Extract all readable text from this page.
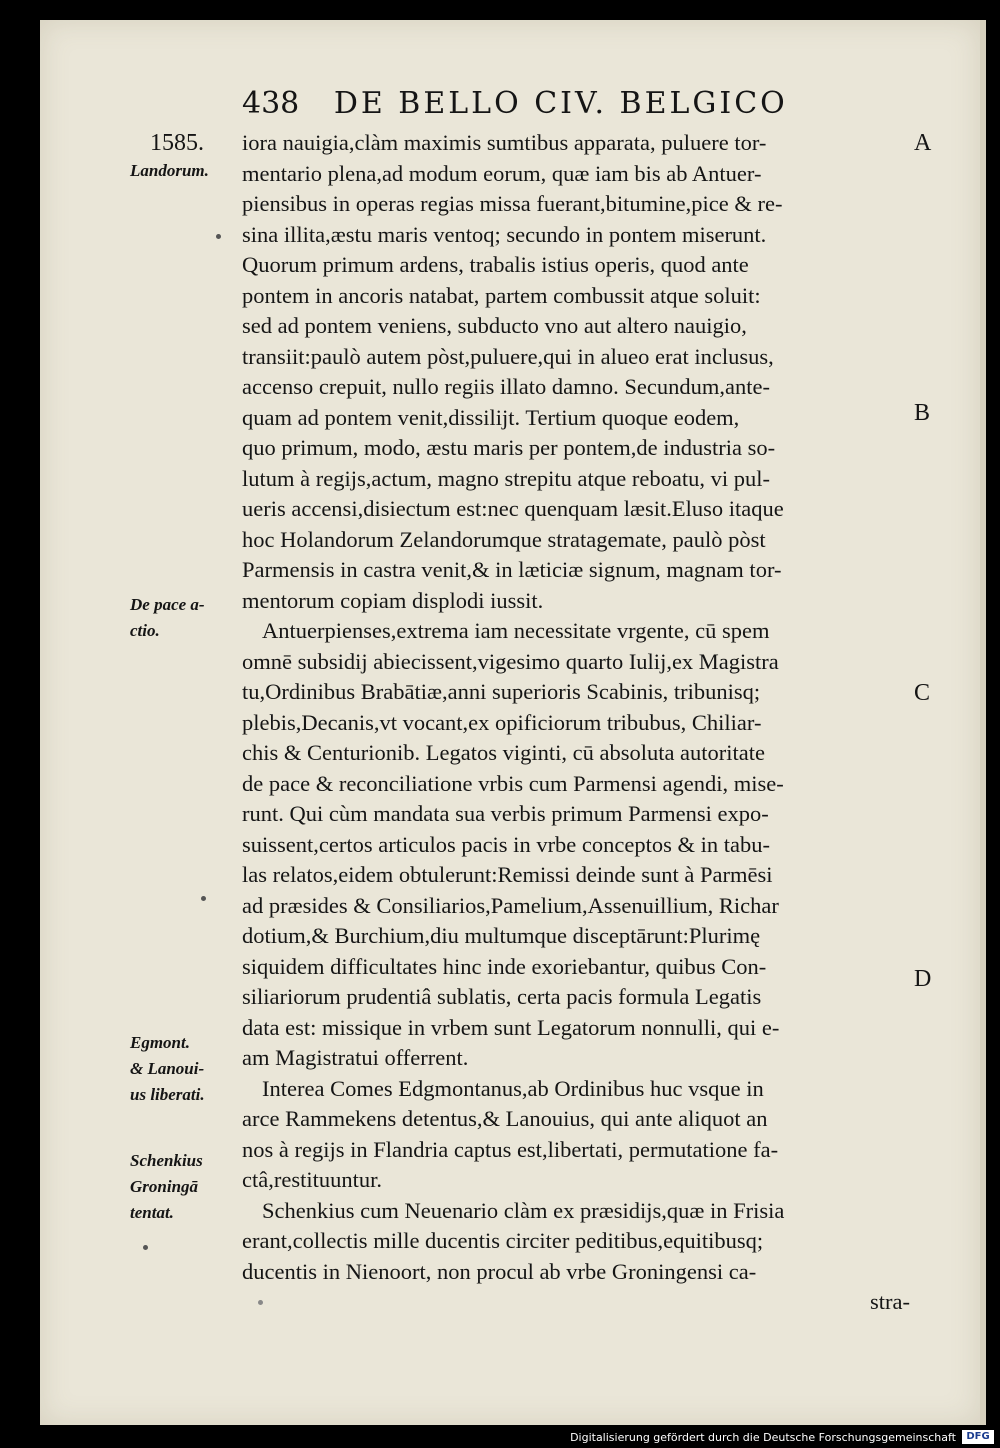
438 DE BELLO CIV. BELGICO
1585.
Landorum.
De pace a-
ctio.
Egmont.
& Lanoui-
us liberati.
Schenkius
Groningā
tentat.
A
B
C
D
iora nauigia,clàm maximis sumtibus apparata, puluere tor-
mentario plena,ad modum eorum, quæ iam bis ab Antuer-
piensibus in operas regias missa fuerant,bitumine,pice & re-
sina illita,æstu maris ventoq; secundo in pontem miserunt.
Quorum primum ardens, trabalis istius operis, quod ante
pontem in ancoris natabat, partem combussit atque soluit:
sed ad pontem veniens, subducto vno aut altero nauigio,
transiit:paulò autem pòst,puluere,qui in alueo erat inclusus,
accenso crepuit, nullo regiis illato damno. Secundum,ante-
quam ad pontem venit,dissilijt. Tertium quoque eodem,
quo primum, modo, æstu maris per pontem,de industria so-
lutum à regijs,actum, magno strepitu atque reboatu, vi pul-
ueris accensi,disiectum est:nec quenquam læsit.Eluso itaque
hoc Holandorum Zelandorumque stratagemate, paulò pòst
Parmensis in castra venit,& in læticiæ signum, magnam tor-
mentorum copiam displodi iussit.
Antuerpienses,extrema iam necessitate vrgente, cū spem
omnē subsidij abiecissent,vigesimo quarto Iulij,ex Magistra
tu,Ordinibus Brabātiæ,anni superioris Scabinis, tribunisq;
plebis,Decanis,vt vocant,ex opificiorum tribubus, Chiliar-
chis & Centurionib. Legatos viginti, cū absoluta autoritate
de pace & reconciliatione vrbis cum Parmensi agendi, mise-
runt. Qui cùm mandata sua verbis primum Parmensi expo-
suissent,certos articulos pacis in vrbe conceptos & in tabu-
las relatos,eidem obtulerunt:Remissi deinde sunt à Parmēsi
ad præsides & Consiliarios,Pamelium,Assenuillium, Richar
dotium,& Burchium,diu multumque disceptārunt:Plurimę
siquidem difficultates hinc inde exoriebantur, quibus Con-
siliariorum prudentiâ sublatis, certa pacis formula Legatis
data est: missique in vrbem sunt Legatorum nonnulli, qui e-
am Magistratui offerrent.
Interea Comes Edgmontanus,ab Ordinibus huc vsque in
arce Rammekens detentus,& Lanouius, qui ante aliquot an
nos à regijs in Flandria captus est,libertati, permutatione fa-
ctâ,restituuntur.
Schenkius cum Neuenario clàm ex præsidijs,quæ in Frisia
erant,collectis mille ducentis circiter peditibus,equitibusq;
ducentis in Nienoort, non procul ab vrbe Groningensi ca-
stra-
Digitalisierung gefördert durch die Deutsche Forschungsgemeinschaft	DFG
